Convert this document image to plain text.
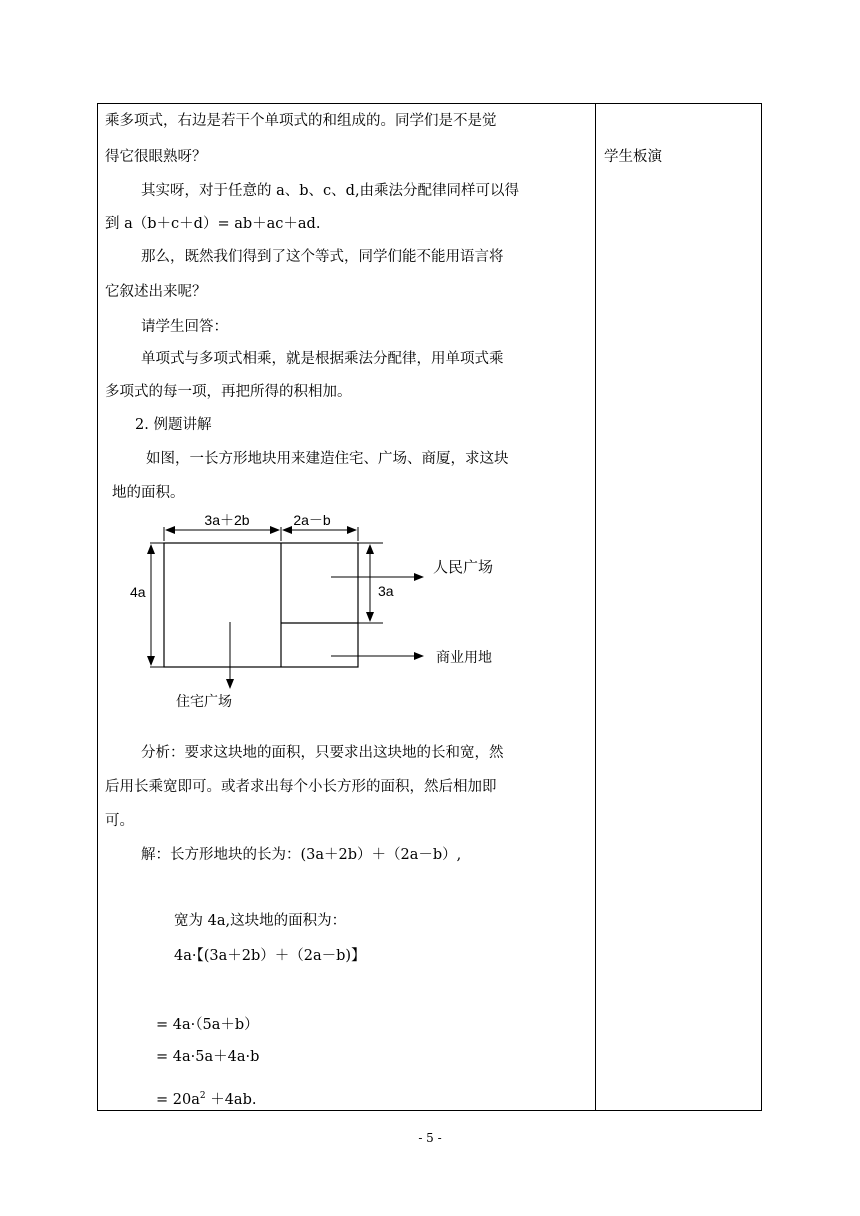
乘多项式，右边是若干个单项式的和组成的。同学们是不是觉
得它很眼熟呀？
其实呀，对于任意的 a、b、c、d,由乘法分配律同样可以得
到 a（b＋c＋d）= ab＋ac＋ad.
那么，既然我们得到了这个等式，同学们能不能用语言将
它叙述出来呢？
请学生回答：
单项式与多项式相乘，就是根据乘法分配律，用单项式乘
多项式的每一项，再把所得的积相加。
2. 例题讲解
如图，一长方形地块用来建造住宅、广场、商厦，求这块
地的面积。
学生板演
3a＋2b	2a－b
4a	3a
人民广场
商业用地
住宅广场
分析：要求这块地的面积，只要求出这块地的长和宽，然
后用长乘宽即可。或者求出每个小长方形的面积，然后相加即
可。
解：长方形地块的长为：(3a＋2b）＋（2a－b）,
宽为 4a,这块地的面积为：
4a·【(3a＋2b）＋（2a－b)】
= 4a·（5a＋b）
= 4a·5a＋4a·b
= $20a^2 +4ab$.
- 5 -
